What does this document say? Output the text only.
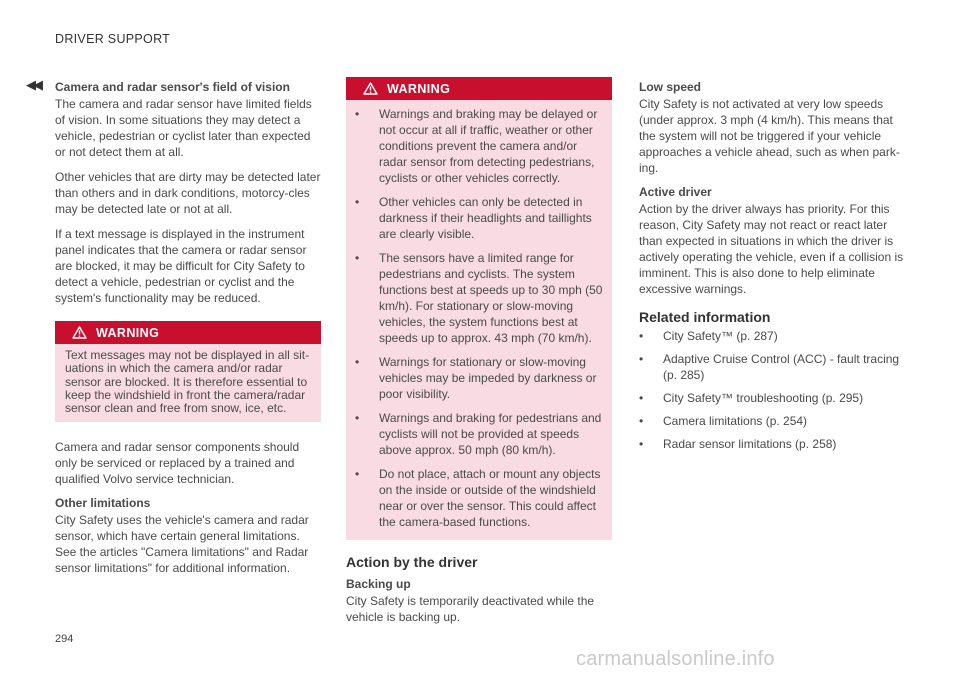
DRIVER SUPPORT
◀◀ Camera and radar sensor's field of vision

The camera and radar sensor have limited fields of vision. In some situations they may detect a vehicle, pedestrian or cyclist later than expected or not detect them at all.

Other vehicles that are dirty may be detected later than others and in dark conditions, motorcy-cles may be detected late or not at all.

If a text message is displayed in the instrument panel indicates that the camera or radar sensor are blocked, it may be difficult for City Safety to detect a vehicle, pedestrian or cyclist and the system's functionality may be reduced.

WARNING
Text messages may not be displayed in all sit-uations in which the camera and/or radar sensor are blocked. It is therefore essential to keep the windshield in front the camera/radar sensor clean and free from snow, ice, etc.

Camera and radar sensor components should only be serviced or replaced by a trained and qualified Volvo service technician.

Other limitations

City Safety uses the vehicle's camera and radar sensor, which have certain general limitations. See the articles "Camera limitations" and Radar sensor limitations" for additional information.

WARNING
• Warnings and braking may be delayed or not occur at all if traffic, weather or other conditions prevent the camera and/or radar sensor from detecting pedestrians, cyclists or other vehicles correctly.
• Other vehicles can only be detected in darkness if their headlights and taillights are clearly visible.
• The sensors have a limited range for pedestrians and cyclists. The system functions best at speeds up to 30 mph (50 km/h). For stationary or slow-moving vehicles, the system functions best at speeds up to approx. 43 mph (70 km/h).
• Warnings for stationary or slow-moving vehicles may be impeded by darkness or poor visibility.
• Warnings and braking for pedestrians and cyclists will not be provided at speeds above approx. 50 mph (80 km/h).
• Do not place, attach or mount any objects on the inside or outside of the windshield near or over the sensor. This could affect the camera-based functions.
Action by the driver
Backing up

City Safety is temporarily deactivated while the vehicle is backing up.

Low speed

City Safety is not activated at very low speeds (under approx. 3 mph (4 km/h). This means that the system will not be triggered if your vehicle approaches a vehicle ahead, such as when park-ing.

Active driver

Action by the driver always has priority. For this reason, City Safety may not react or react later than expected in situations in which the driver is actively operating the vehicle, even if a collision is imminent. This is also done to help eliminate excessive warnings.

Related information
• City Safety™ (p. 287)
• Adaptive Cruise Control (ACC) - fault tracing (p. 285)
• City Safety™ troubleshooting (p. 295)
• Camera limitations (p. 254)
• Radar sensor limitations (p. 258)
294
carmanualsonline.info
